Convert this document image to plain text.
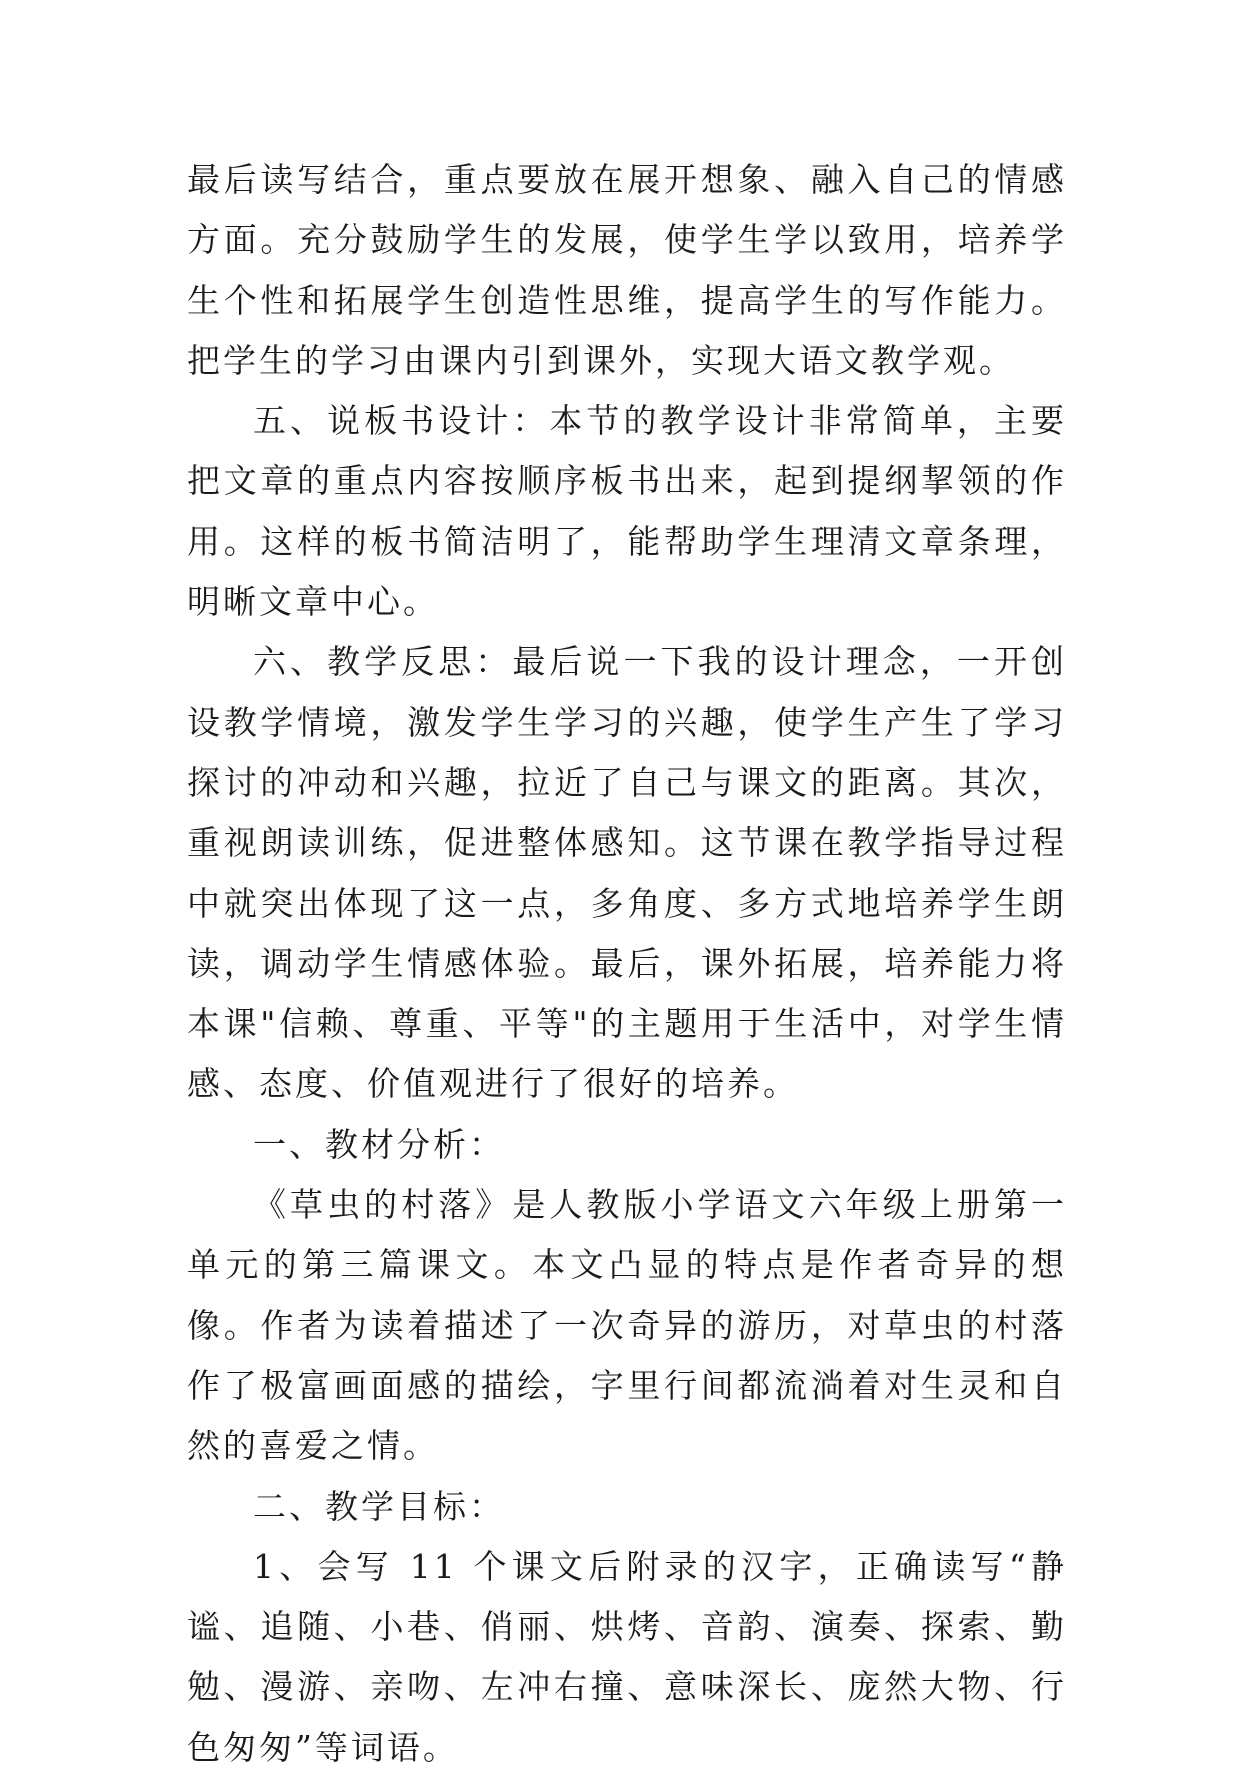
最后读写结合，重点要放在展开想象、融入自己的情感方面。充分鼓励学生的发展，使学生学以致用，培养学生个性和拓展学生创造性思维，提高学生的写作能力。把学生的学习由课内引到课外，实现大语文教学观。

五、说板书设计：本节的教学设计非常简单，主要把文章的重点内容按顺序板书出来，起到提纲挈领的作用。这样的板书简洁明了，能帮助学生理清文章条理，明晰文章中心。

六、教学反思：最后说一下我的设计理念，一开创设教学情境，激发学生学习的兴趣，使学生产生了学习探讨的冲动和兴趣，拉近了自己与课文的距离。其次，重视朗读训练，促进整体感知。这节课在教学指导过程中就突出体现了这一点，多角度、多方式地培养学生朗读，调动学生情感体验。最后，课外拓展，培养能力将本课"信赖、尊重、平等"的主题用于生活中，对学生情感、态度、价值观进行了很好的培养。

一、教材分析：

《草虫的村落》是人教版小学语文六年级上册第一单元的第三篇课文。本文凸显的特点是作者奇异的想像。作者为读着描述了一次奇异的游历，对草虫的村落作了极富画面感的描绘，字里行间都流淌着对生灵和自然的喜爱之情。

二、教学目标：

1、会写 11 个课文后附录的汉字，正确读写“静谧、追随、小巷、俏丽、烘烤、音韵、演奏、探索、勤勉、漫游、亲吻、左冲右撞、意味深长、庞然大物、行色匆匆”等词语。
